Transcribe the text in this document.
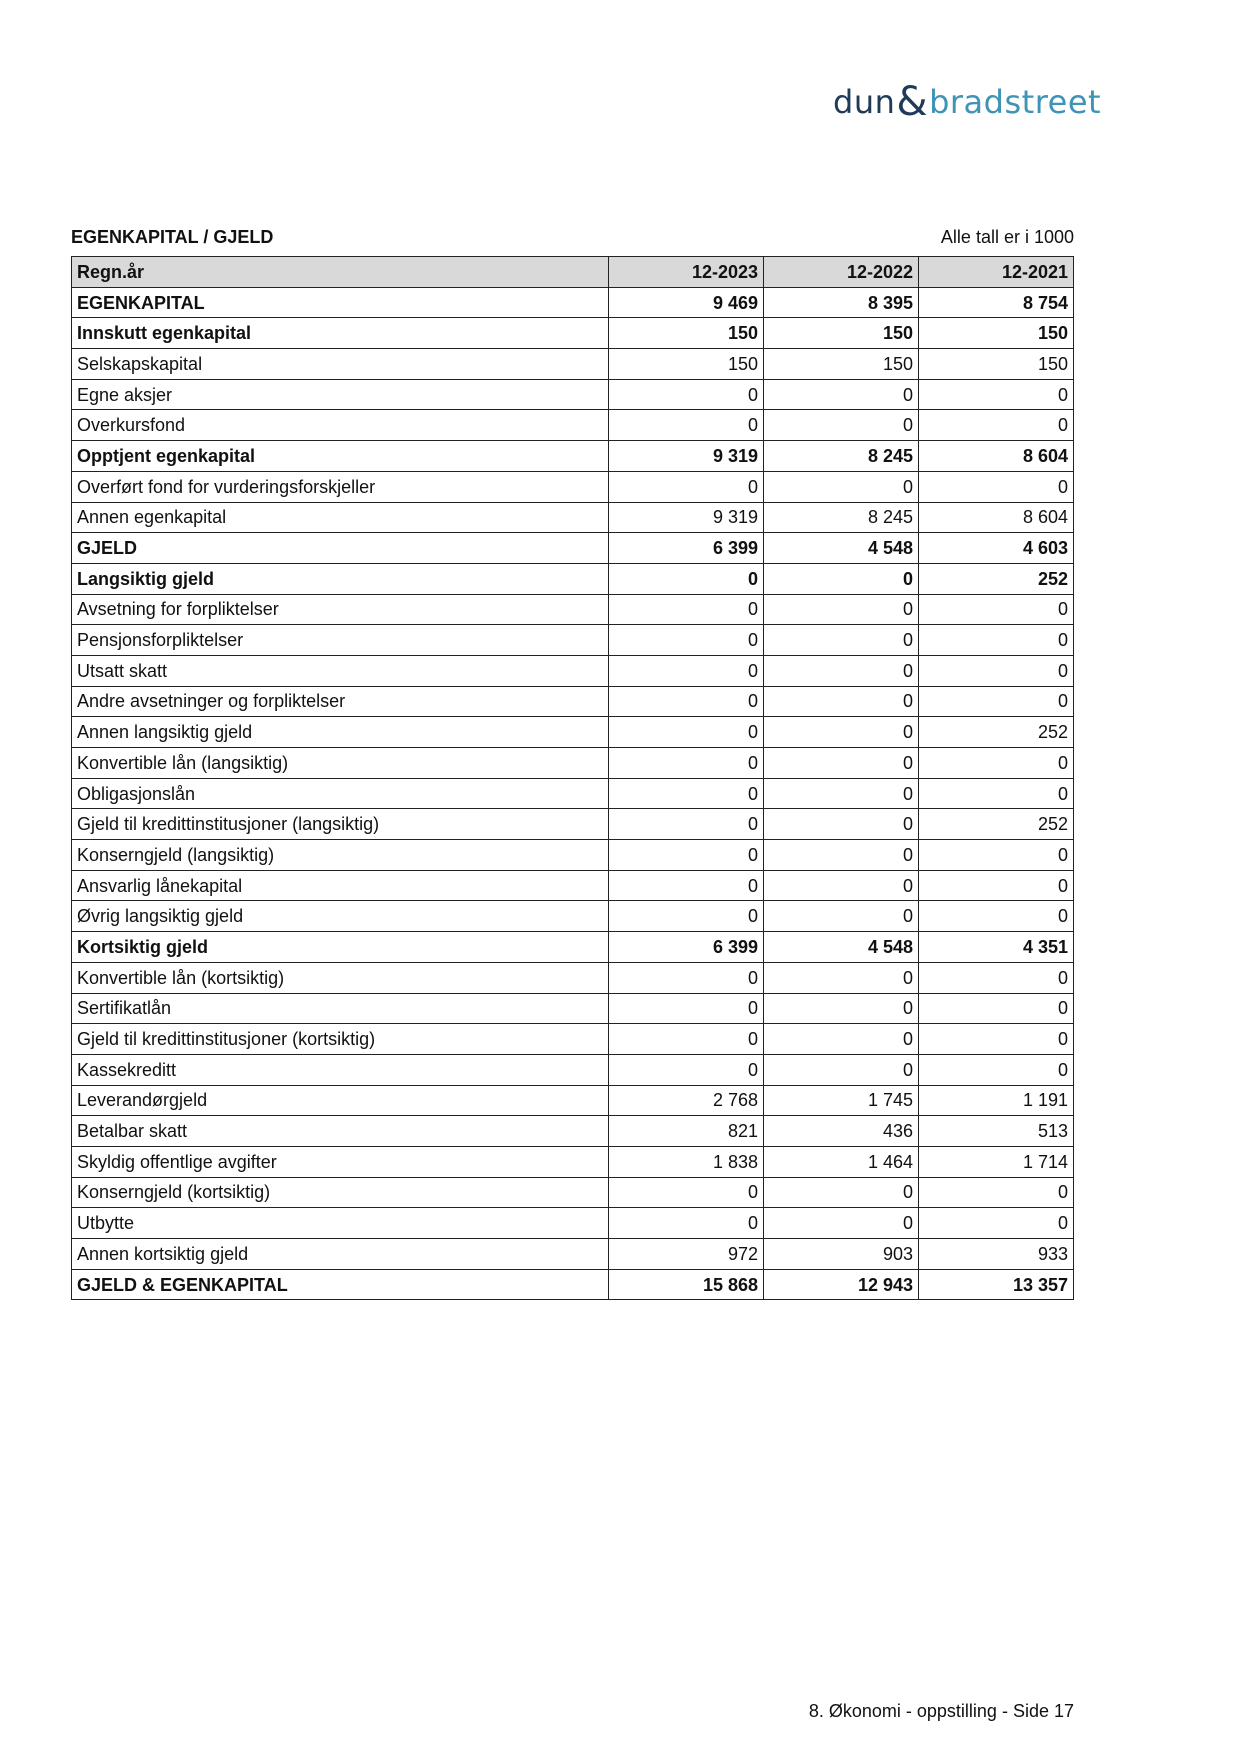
dun & bradstreet
EGENKAPITAL / GJELD	Alle tall er i 1000
Regn.år	12-2023	12-2022	12-2021
EGENKAPITAL	9 469	8 395	8 754
Innskutt egenkapital	150	150	150
Selskapskapital	150	150	150
Egne aksjer	0	0	0
Overkursfond	0	0	0
Opptjent egenkapital	9 319	8 245	8 604
Overført fond for vurderingsforskjeller	0	0	0
Annen egenkapital	9 319	8 245	8 604
GJELD	6 399	4 548	4 603
Langsiktig gjeld	0	0	252
Avsetning for forpliktelser	0	0	0
Pensjonsforpliktelser	0	0	0
Utsatt skatt	0	0	0
Andre avsetninger og forpliktelser	0	0	0
Annen langsiktig gjeld	0	0	252
Konvertible lån (langsiktig)	0	0	0
Obligasjonslån	0	0	0
Gjeld til kredittinstitusjoner (langsiktig)	0	0	252
Konserngjeld (langsiktig)	0	0	0
Ansvarlig lånekapital	0	0	0
Øvrig langsiktig gjeld	0	0	0
Kortsiktig gjeld	6 399	4 548	4 351
Konvertible lån (kortsiktig)	0	0	0
Sertifikatlån	0	0	0
Gjeld til kredittinstitusjoner (kortsiktig)	0	0	0
Kassekreditt	0	0	0
Leverandørgjeld	2 768	1 745	1 191
Betalbar skatt	821	436	513
Skyldig offentlige avgifter	1 838	1 464	1 714
Konserngjeld (kortsiktig)	0	0	0
Utbytte	0	0	0
Annen kortsiktig gjeld	972	903	933
GJELD & EGENKAPITAL	15 868	12 943	13 357
8. Økonomi - oppstilling - Side 17
